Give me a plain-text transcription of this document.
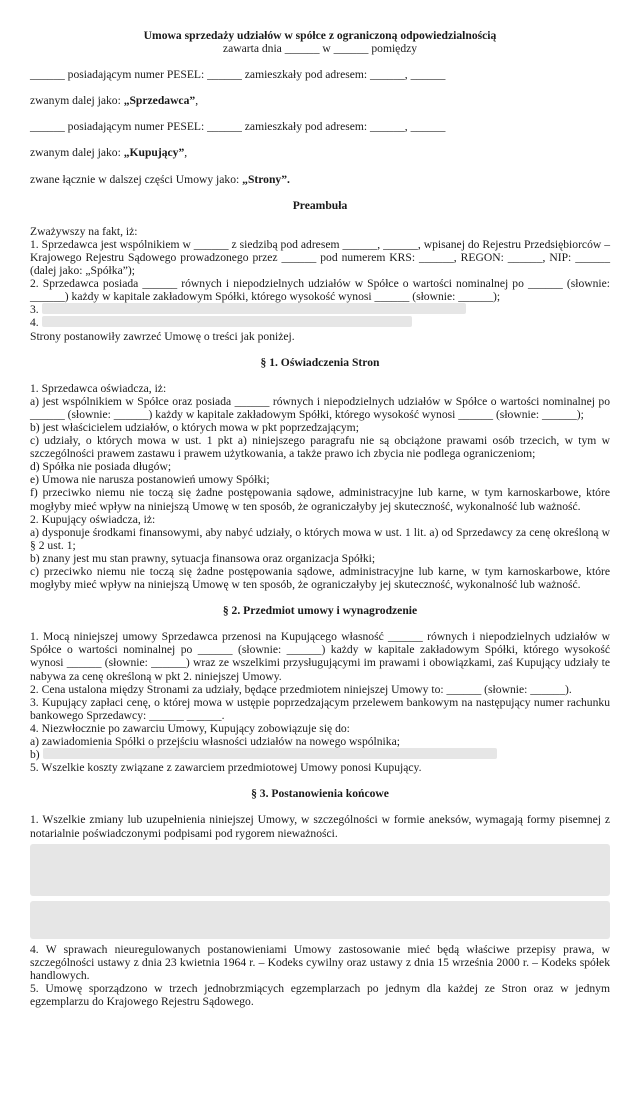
Umowa sprzedaży udziałów w spółce z ograniczoną odpowiedzialnością
zawarta dnia ______ w ______ pomiędzy

______ posiadającym numer PESEL: ______ zamieszkały pod adresem: ______, ______

zwanym dalej jako: „Sprzedawca”,

______ posiadającym numer PESEL: ______ zamieszkały pod adresem: ______, ______

zwanym dalej jako: „Kupujący”,

zwane łącznie w dalszej części Umowy jako: „Strony”.

Preambuła

Zważywszy na fakt, iż:

1. Sprzedawca jest wspólnikiem w ______ z siedzibą pod adresem ______, ______, wpisanej do Rejestru Przedsiębiorców – Krajowego Rejestru Sądowego prowadzonego przez ______ pod numerem KRS: ______, REGON: ______, NIP: ______ (dalej jako: „Spółka”);

2. Sprzedawca posiada ______ równych i niepodzielnych udziałów w Spółce o wartości nominalnej po ______ (słownie: ______) każdy w kapitale zakładowym Spółki, którego wysokość wynosi ______ (słownie: ______);

3.

4.

Strony postanowiły zawrzeć Umowę o treści jak poniżej.

§ 1. Oświadczenia Stron

1. Sprzedawca oświadcza, iż:

a) jest wspólnikiem w Spółce oraz posiada ______ równych i niepodzielnych udziałów w Spółce o wartości nominalnej po ______ (słownie: ______) każdy w kapitale zakładowym Spółki, którego wysokość wynosi ______ (słownie: ______);

b) jest właścicielem udziałów, o których mowa w pkt poprzedzającym;

c) udziały, o których mowa w ust. 1 pkt a) niniejszego paragrafu nie są obciążone prawami osób trzecich, w tym w szczególności prawem zastawu i prawem użytkowania, a także prawo ich zbycia nie podlega ograniczeniom;

d) Spółka nie posiada długów;

e) Umowa nie narusza postanowień umowy Spółki;

f) przeciwko niemu nie toczą się żadne postępowania sądowe, administracyjne lub karne, w tym karnoskarbowe, które mogłyby mieć wpływ na niniejszą Umowę w ten sposób, że ograniczałyby jej skuteczność, wykonalność lub ważność.

2. Kupujący oświadcza, iż:

a) dysponuje środkami finansowymi, aby nabyć udziały, o których mowa w ust. 1 lit. a) od Sprzedawcy za cenę określoną w § 2 ust. 1;

b) znany jest mu stan prawny, sytuacja finansowa oraz organizacja Spółki;

c) przeciwko niemu nie toczą się żadne postępowania sądowe, administracyjne lub karne, w tym karnoskarbowe, które mogłyby mieć wpływ na niniejszą Umowę w ten sposób, że ograniczałyby jej skuteczność, wykonalność lub ważność.

§ 2. Przedmiot umowy i wynagrodzenie

1. Mocą niniejszej umowy Sprzedawca przenosi na Kupującego własność ______ równych i niepodzielnych udziałów w Spółce o wartości nominalnej po ______ (słownie: ______) każdy w kapitale zakładowym Spółki, którego wysokość wynosi ______ (słownie: ______) wraz ze wszelkimi przysługującymi im prawami i obowiązkami, zaś Kupujący udziały te nabywa za cenę określoną w pkt 2. niniejszej Umowy.

2. Cena ustalona między Stronami za udziały, będące przedmiotem niniejszej Umowy to: ______ (słownie: ______).

3. Kupujący zapłaci cenę, o której mowa w ustępie poprzedzającym przelewem bankowym na następujący numer rachunku bankowego Sprzedawcy: ______ ______.

4. Niezwłocznie po zawarciu Umowy, Kupujący zobowiązuje się do:

a) zawiadomienia Spółki o przejściu własności udziałów na nowego wspólnika;

b)

5. Wszelkie koszty związane z zawarciem przedmiotowej Umowy ponosi Kupujący.

§ 3. Postanowienia końcowe

1. Wszelkie zmiany lub uzupełnienia niniejszej Umowy, w szczególności w formie aneksów, wymagają formy pisemnej z notarialnie poświadczonymi podpisami pod rygorem nieważności.

4. W sprawach nieuregulowanych postanowieniami Umowy zastosowanie mieć będą właściwe przepisy prawa, w szczególności ustawy z dnia 23 kwietnia 1964 r. – Kodeks cywilny oraz ustawy z dnia 15 września 2000 r. – Kodeks spółek handlowych.

5. Umowę sporządzono w trzech jednobrzmiących egzemplarzach po jednym dla każdej ze Stron oraz w jednym egzemplarzu do Krajowego Rejestru Sądowego.
